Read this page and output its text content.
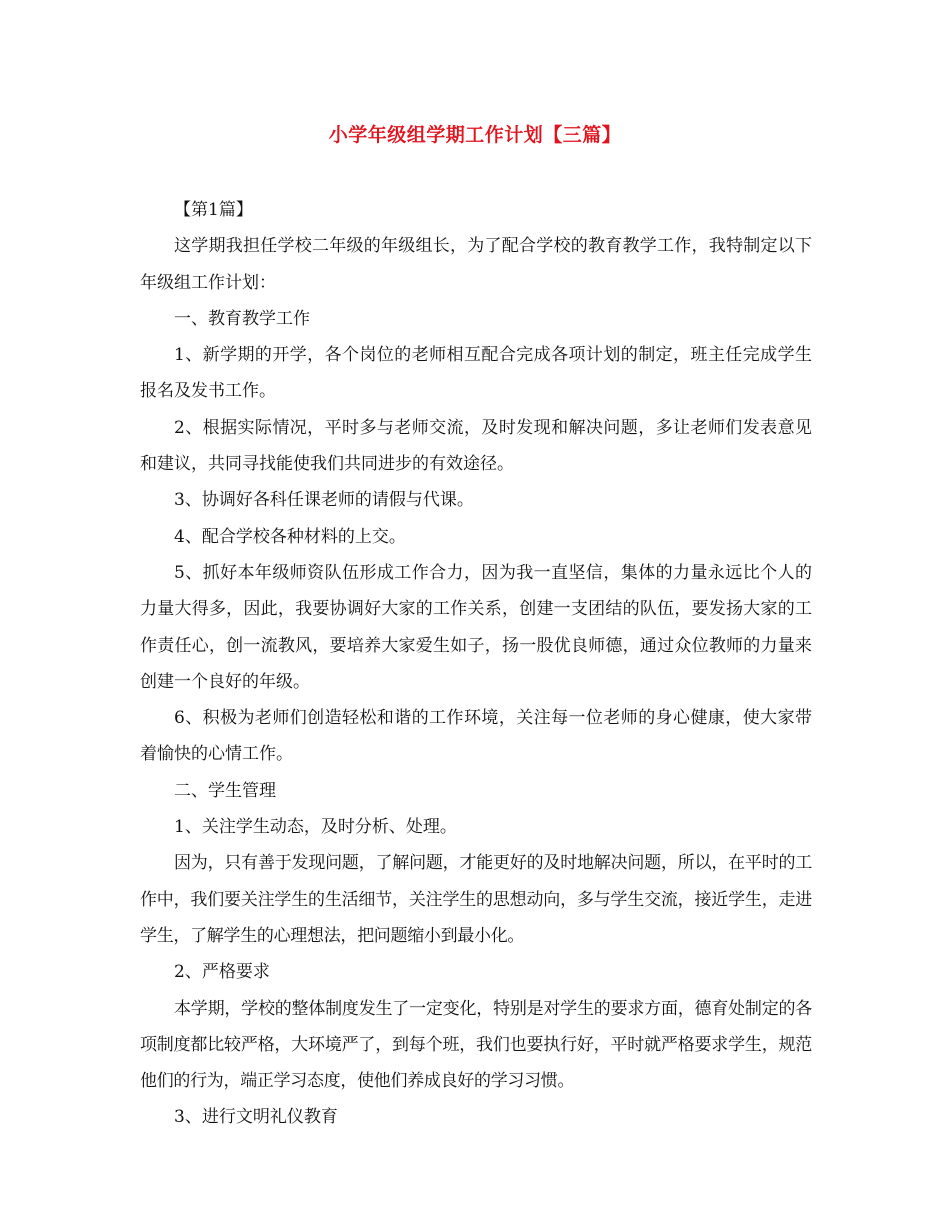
小学年级组学期工作计划【三篇】

【第1篇】

这学期我担任学校二年级的年级组长，为了配合学校的教育教学工作，我特制定以下年级组工作计划：

一、教育教学工作

1、新学期的开学，各个岗位的老师相互配合完成各项计划的制定，班主任完成学生报名及发书工作。

2、根据实际情况，平时多与老师交流，及时发现和解决问题，多让老师们发表意见和建议，共同寻找能使我们共同进步的有效途径。

3、协调好各科任课老师的请假与代课。

4、配合学校各种材料的上交。

5、抓好本年级师资队伍形成工作合力，因为我一直坚信，集体的力量永远比个人的力量大得多，因此，我要协调好大家的工作关系，创建一支团结的队伍，要发扬大家的工作责任心，创一流教风，要培养大家爱生如子，扬一股优良师德，通过众位教师的力量来创建一个良好的年级。

6、积极为老师们创造轻松和谐的工作环境，关注每一位老师的身心健康，使大家带着愉快的心情工作。

二、学生管理

1、关注学生动态，及时分析、处理。

因为，只有善于发现问题，了解问题，才能更好的及时地解决问题，所以，在平时的工作中，我们要关注学生的生活细节，关注学生的思想动向，多与学生交流，接近学生，走进学生，了解学生的心理想法，把问题缩小到最小化。

2、严格要求

本学期，学校的整体制度发生了一定变化，特别是对学生的要求方面，德育处制定的各项制度都比较严格，大环境严了，到每个班，我们也要执行好，平时就严格要求学生，规范他们的行为，端正学习态度，使他们养成良好的学习习惯。

3、进行文明礼仪教育
